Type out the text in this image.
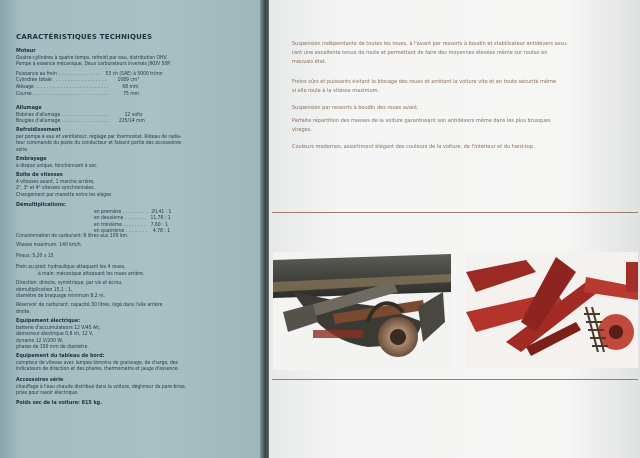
CARACTÉRISTIQUES TECHNIQUES
Moteur
Quatre-cylindres à quatre temps, refroidi par eau, distribution OHV.
Pompe à essence mécanique. Deux carburateurs inversés JIKOV 50P.
Puissance au frein . . . . . . . . . . . . . . .    53 ch (SAE) à 5000 tr/mn
Cylindrée totale . . . . . . . . . . . . . . . . . . .        1089 cm³
Alésage . . . . . . . . . . . . . . . . . . . . . . . . . .          68 mm
Course . . . . . . . . . . . . . . . . . . . . . . . . . . .          75 mm
Allumage
Bobines d'allumage . . . . . . . . . . . . . . . . .           12 volts
Bougies d'allumage . . . . . . . . . . . . . . . . .       225/14 mm
Refroidissement
par pompe à eau et ventilateur, réglage par thermostat. Rideau de radia-
teur commandé du poste du conducteur et faisant partie des accessoires
série.
Embrayage
à disque unique, fonctionnant à sec.
Boîte de vitesses
4 vitesses avant, 1 marche arrière,
2ᵉ, 3ᵉ et 4ᵉ vitesses synchronisées.
Changement par manette entre les sièges
Démultiplications:
en première . . . . . . . . .   20,41 : 1
en deuxième . . . . . . . .   11,76 : 1
en troisième . . . . . . . .    7,60 : 1
en quatrième . . . . . . . .    4,78 : 1
Consommation de carburant: 8 litres aux 100 km.
Vitesse maximum: 140 km/h.
Pneus: 5,20 x 15
Frein au pied: hydraulique attaquant les 4 roues,
à main: mécanique attaquant les roues arrière.
Direction: directe, symétrique, par vis et écrou,
démultiplication 15,1 : 1,
diamètre de braquage minimum 8,2 m.
Réservoir de carburant: capacité 30 litres, logé dans l'aile arrière
droite.
Equipement électrique:
batterie d'accumulateurs 12 V/45 Ah,
démarreur électrique 0,8 ch, 12 V,
dynamo 12 V/200 W,
phares de 150 mm de diamètre.
Equipement du tableau de bord:
compteur de vitesse avec lampes témoins de graissage, de charge, des
indicateurs de direction et des phares, thermomètre et jauge d'essence.
Accessoires série
chauffage à l'eau chaude distribué dans la voiture, dégivreur de pare-brise,
prise pour rasoir électrique.
Poids sec de la voiture: 815 kg.
Suspension indépendante de toutes les roues, à l'avant par ressorts à boudin et stabilisateur antidévers assu-
rant une excellente tenue de route et permettant de faire des moyennes élevées même sur routes en
mauvais état.
Freins sûrs et puissants évitant le blocage des roues et arrêtant la voiture vite et en toute sécurité même
si elle roule à la vitesse maximum.
Suspension par ressorts à boudin des roues avant.
Parfaite répartition des masses de la voiture garantissant son antidévers même dans les plus brusques
virages.
Couleurs modernes, assortiment élégant des couleurs de la voiture, de l'intérieur et du hard-top.
